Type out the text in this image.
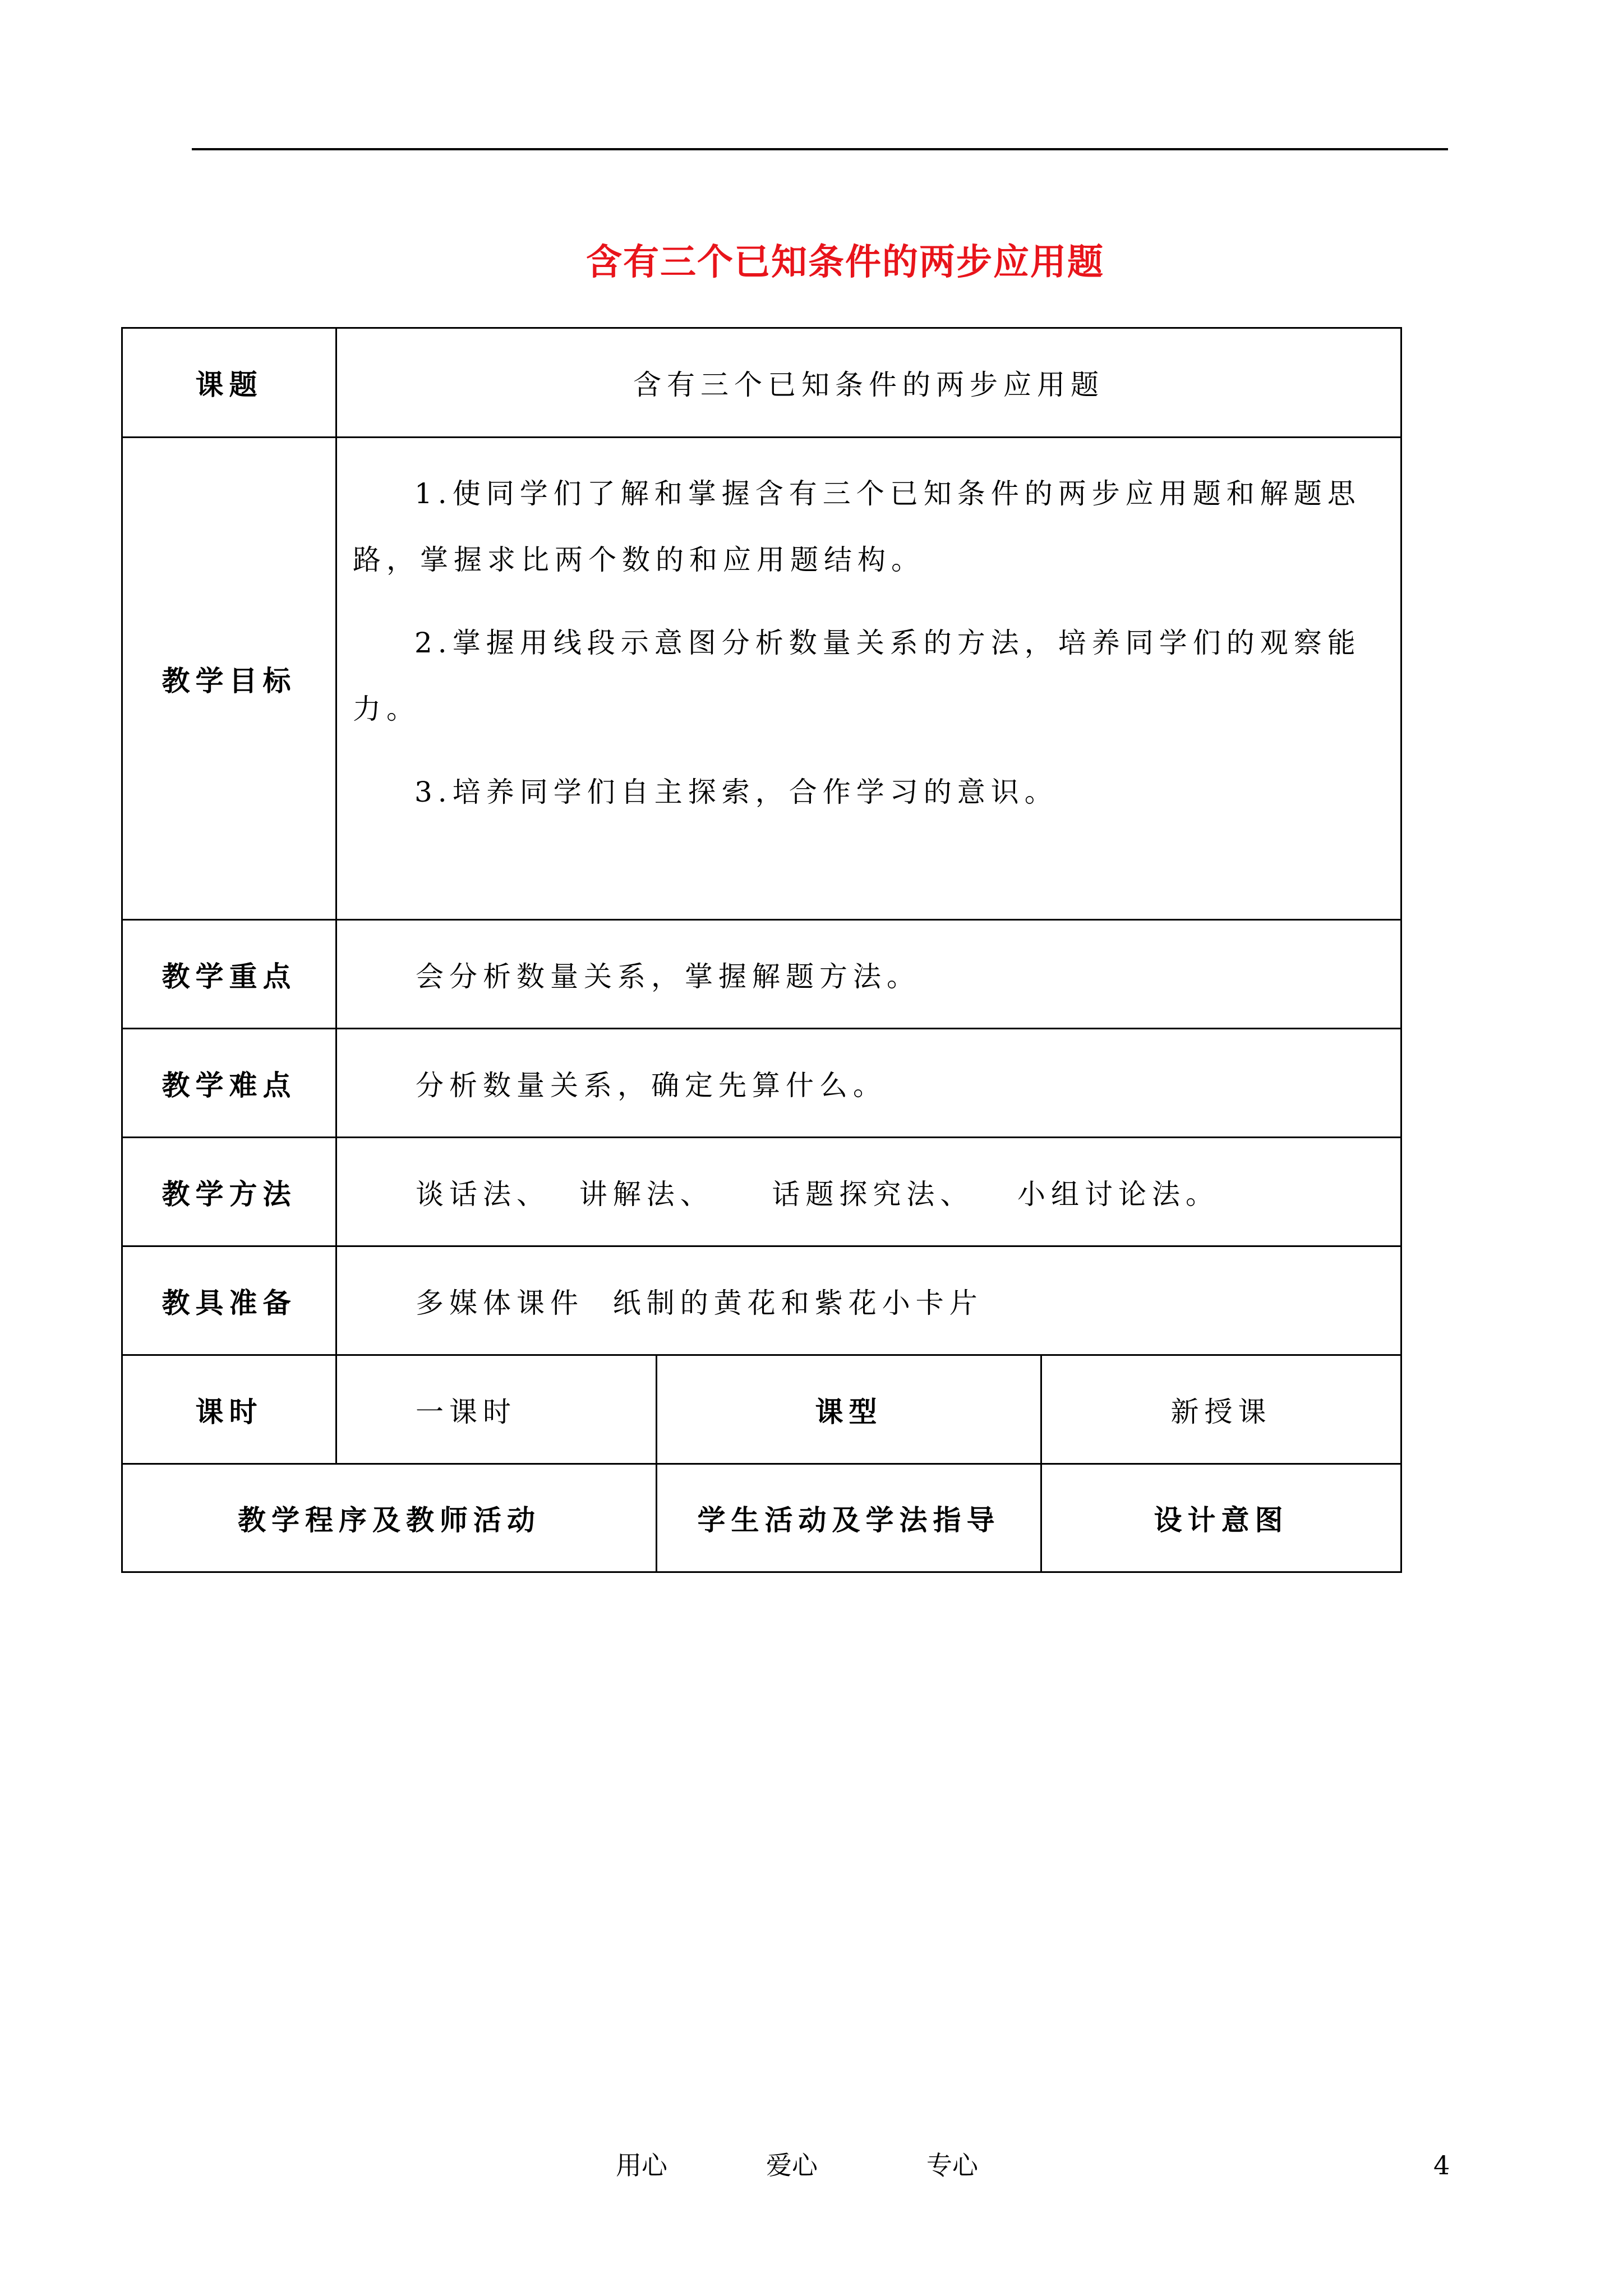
含有三个已知条件的两步应用题
课题	含有三个已知条件的两步应用题		
教学目标	1.使同学们了解和掌握含有三个已知条件的两步应用题和解题思路，掌握求比两个数的和应用题结构。

2.掌握用线段示意图分析数量关系的方法，培养同学们的观察能力。

3.培养同学们自主探索，合作学习的意识。		

教学重点	会分析数量关系，掌握解题方法。		
教学难点	分析数量关系，确定先算什么。		
教学方法	谈话法、  讲解法、    话题探究法、   小组讨论法。		
教具准备	多媒体课件  纸制的黄花和紫花小卡片		
课时	一课时	课型	新授课
教学程序及教师活动		学生活动及学法指导	设计意图
用心	爱心	专心	4
